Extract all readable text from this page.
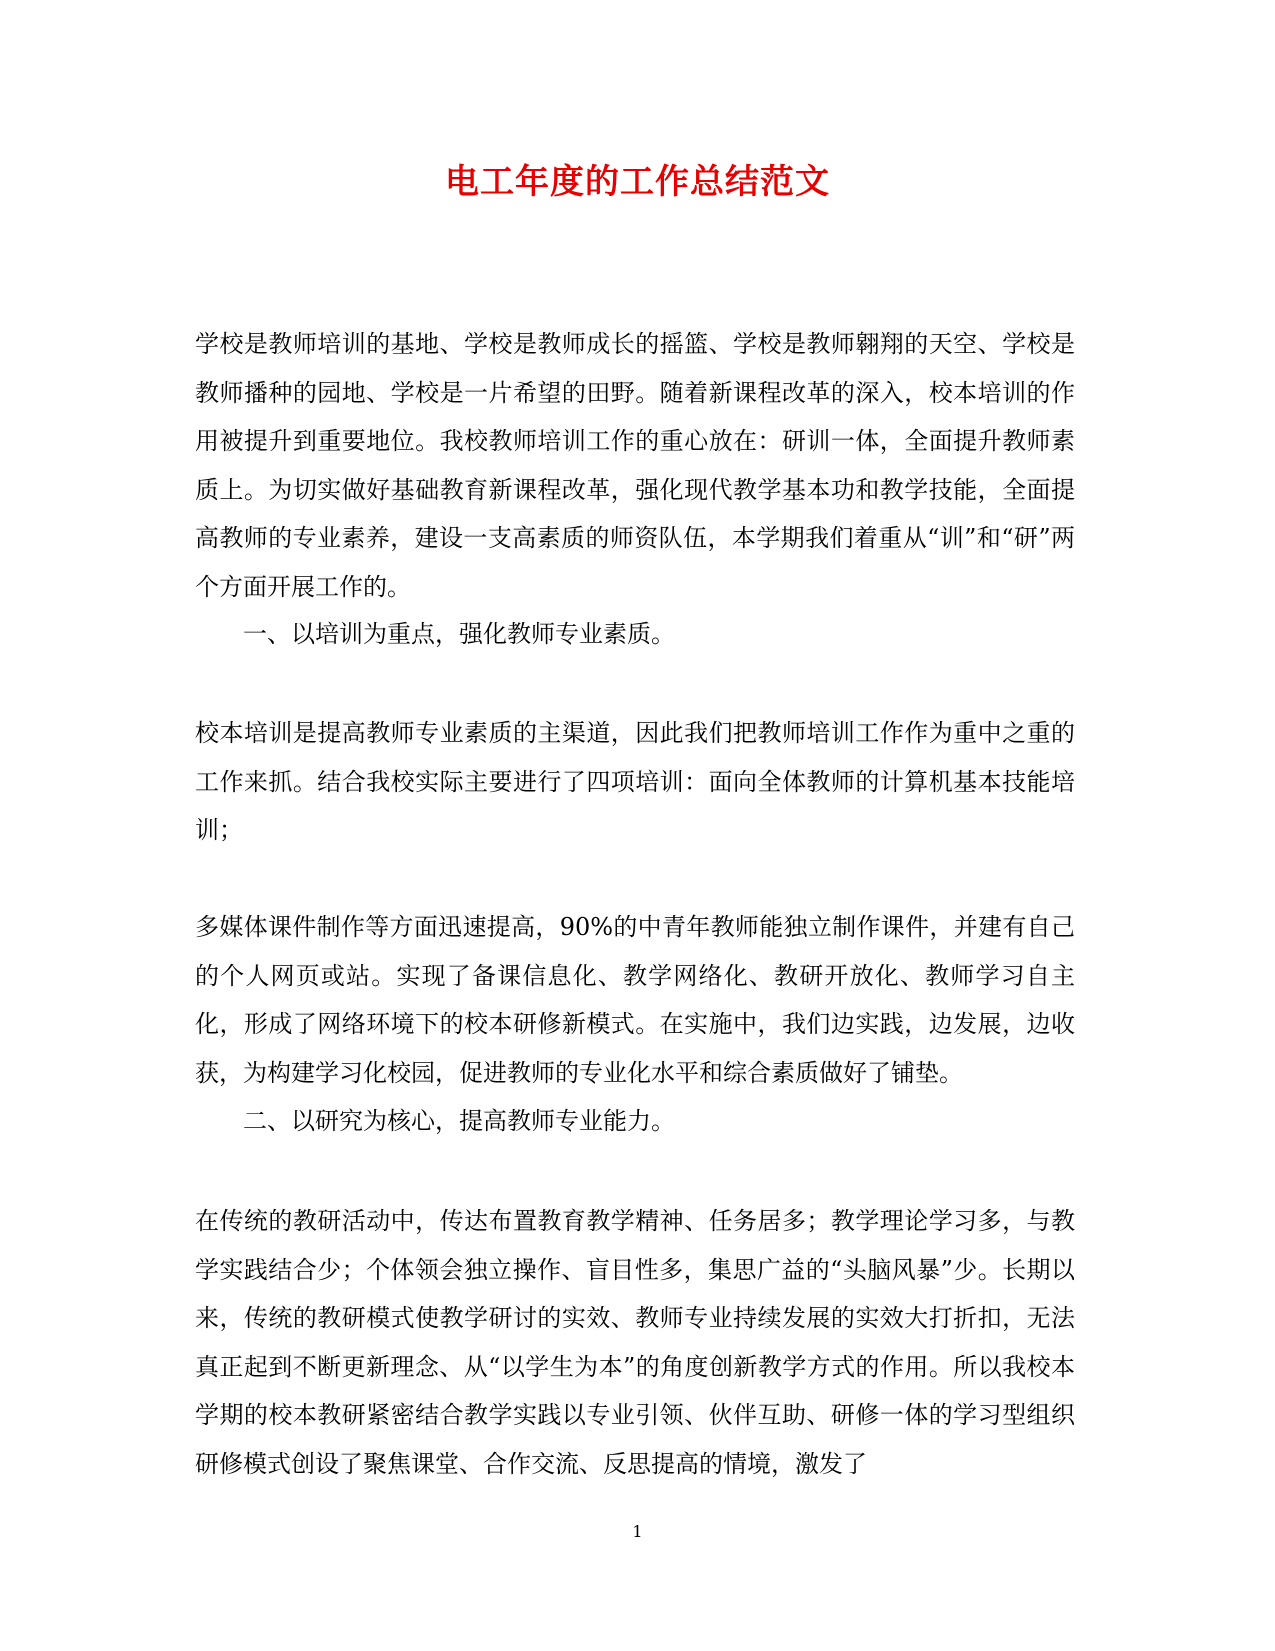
电工年度的工作总结范文
学校是教师培训的基地、学校是教师成长的摇篮、学校是教师翱翔的天空、学校是教师播种的园地、学校是一片希望的田野。随着新课程改革的深入，校本培训的作用被提升到重要地位。我校教师培训工作的重心放在：研训一体，全面提升教师素质上。为切实做好基础教育新课程改革，强化现代教学基本功和教学技能，全面提高教师的专业素养，建设一支高素质的师资队伍，本学期我们着重从“训”和“研”两个方面开展工作的。
一、以培训为重点，强化教师专业素质。
校本培训是提高教师专业素质的主渠道，因此我们把教师培训工作作为重中之重的工作来抓。结合我校实际主要进行了四项培训：面向全体教师的计算机基本技能培训；
多媒体课件制作等方面迅速提高，90%的中青年教师能独立制作课件，并建有自己的个人网页或站。实现了备课信息化、教学网络化、教研开放化、教师学习自主化，形成了网络环境下的校本研修新模式。在实施中，我们边实践，边发展，边收获，为构建学习化校园，促进教师的专业化水平和综合素质做好了铺垫。
二、以研究为核心，提高教师专业能力。
在传统的教研活动中，传达布置教育教学精神、任务居多；教学理论学习多，与教学实践结合少；个体领会独立操作、盲目性多，集思广益的“头脑风暴”少。长期以来，传统的教研模式使教学研讨的实效、教师专业持续发展的实效大打折扣，无法真正起到不断更新理念、从“以学生为本”的角度创新教学方式的作用。所以我校本学期的校本教研紧密结合教学实践以专业引领、伙伴互助、研修一体的学习型组织研修模式创设了聚焦课堂、合作交流、反思提高的情境，激发了
1
